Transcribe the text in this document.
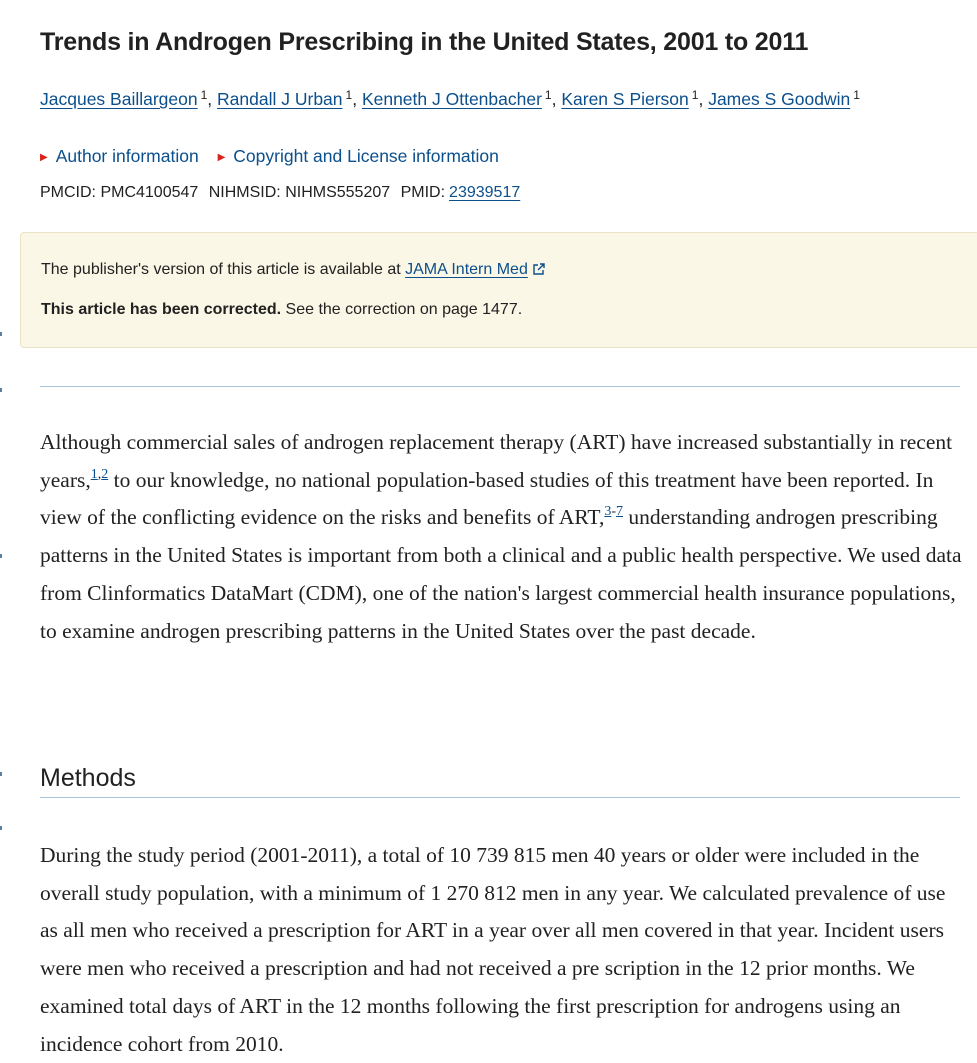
Trends in Androgen Prescribing in the United States, 2001 to 2011
Jacques Baillargeon $^1$, Randall J Urban $^1$, Kenneth J Ottenbacher $^1$, Karen S Pierson $^1$, James S Goodwin $^1$
▶ Author information ▶ Copyright and License information
PMCID: PMC4100547 NIHMSID: NIHMS555207 PMID: 23939517
The publisher's version of this article is available at JAMA Intern Med
This article has been corrected. See the correction on page 1477.

Although commercial sales of androgen replacement therapy (ART) have increased substantially in recent years,$^{1,2}$ to our knowledge, no national population-based studies of this treatment have been reported. In view of the conflicting evidence on the risks and benefits of ART,$^{3-7}$ understanding androgen prescribing patterns in the United States is important from both a clinical and a public health perspective. We used data from Clinformatics DataMart (CDM), one of the nation's largest commercial health insurance populations, to examine androgen prescribing patterns in the United States over the past decade.

Methods

During the study period (2001-2011), a total of 10 739 815 men 40 years or older were included in the overall study population, with a minimum of 1 270 812 men in any year. We calculated prevalence of use as all men who received a prescription for ART in a year over all men covered in that year. Incident users were men who received a prescription and had not received a pre scription in the 12 prior months. We examined total days of ART in the 12 months following the first prescription for androgens using an incidence cohort from 2010.
